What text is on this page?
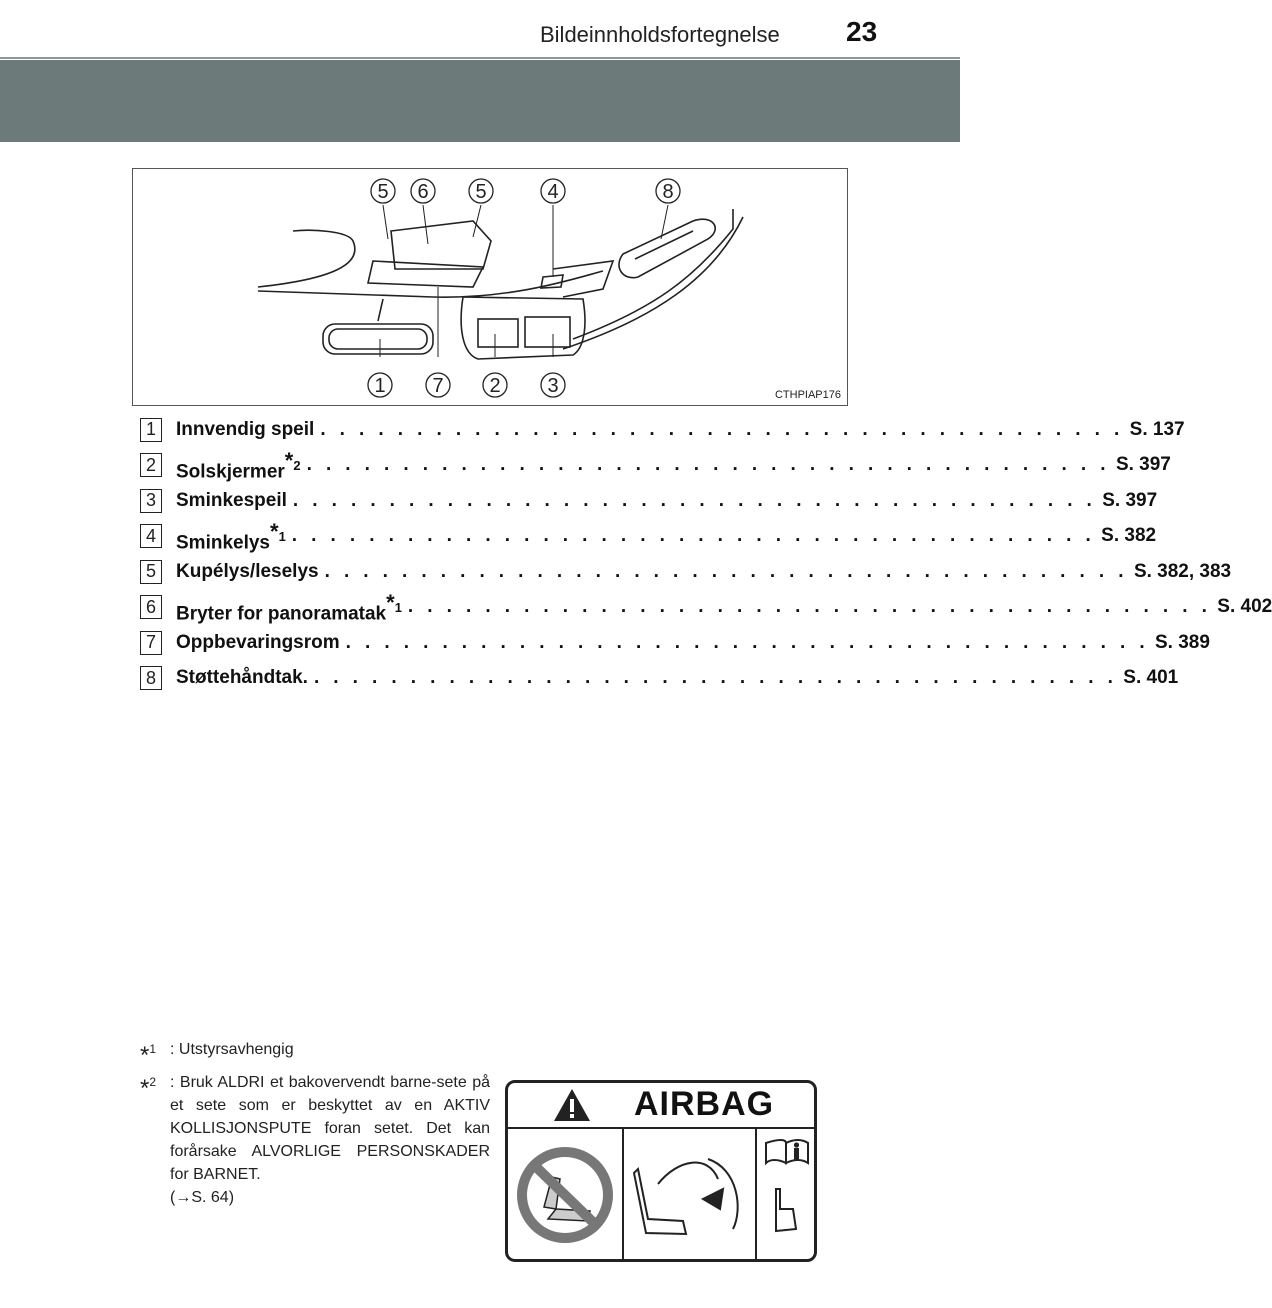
Bildeinnholdsfortegnelse 23
5 6 5	4	8
1 7 2 3	CTHPIAP176
1	Innvendig speil . . . . . . . . . . . . . . . . . . . . . . . . . . . . . . . . . . . . . . . . . . S. 137
2	Solskjermer$^{*2}$ . . . . . . . . . . . . . . . . . . . . . . . . . . . . . . . . . . . . . . . . . . S. 397
3	Sminkespeil . . . . . . . . . . . . . . . . . . . . . . . . . . . . . . . . . . . . . . . . . . S. 397
4	Sminkelys$^{*1}$ . . . . . . . . . . . . . . . . . . . . . . . . . . . . . . . . . . . . . . . . . . S. 382
5	Kupélys/leselys . . . . . . . . . . . . . . . . . . . . . . . . . . . . . . . . . . . . . . . . . . S. 382, 383
6	Bryter for panoramatak$^{*1}$ . . . . . . . . . . . . . . . . . . . . . . . . . . . . . . . . . . . . . . . . . . S. 402
7	Oppbevaringsrom . . . . . . . . . . . . . . . . . . . . . . . . . . . . . . . . . . . . . . . . . . S. 389
8	Støttehåndtak. . . . . . . . . . . . . . . . . . . . . . . . . . . . . . . . . . . . . . . . . . . S. 401
*$^1$ : Utstyrsavhengig
*$^2$ : Bruk ALDRI et bakovervendt barne-sete på et sete som er beskyttet av en AKTIV KOLLISJONSPUTE foran setet. Det kan forårsake ALVORLIGE PERSONSKADER for BARNET.
(→S. 64)
AIRBAG
